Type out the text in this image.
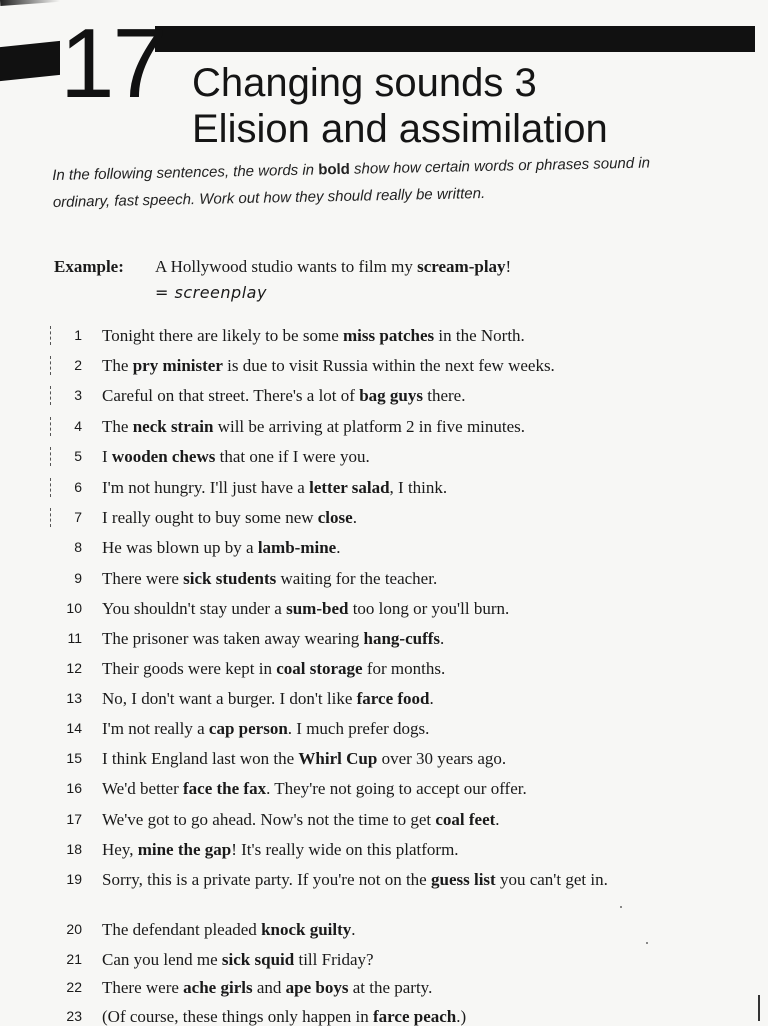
17 Changing sounds 3
Elision and assimilation
In the following sentences, the words in bold show how certain words or phrases sound in ordinary, fast speech. Work out how they should really be written.
Example:	A Hollywood studio wants to film my scream-play!
= screenplay
1 Tonight there are likely to be some miss patches in the North.
2 The pry minister is due to visit Russia within the next few weeks.
3 Careful on that street. There's a lot of bag guys there.
4 The neck strain will be arriving at platform 2 in five minutes.
5 I wooden chews that one if I were you.
6 I'm not hungry. I'll just have a letter salad, I think.
7 I really ought to buy some new close.
8 He was blown up by a lamb-mine.
9 There were sick students waiting for the teacher.
10 You shouldn't stay under a sum-bed too long or you'll burn.
11 The prisoner was taken away wearing hang-cuffs.
12 Their goods were kept in coal storage for months.
13 No, I don't want a burger. I don't like farce food.
14 I'm not really a cap person. I much prefer dogs.
15 I think England last won the Whirl Cup over 30 years ago.
16 We'd better face the fax. They're not going to accept our offer.
17 We've got to go ahead. Now's not the time to get coal feet.
18 Hey, mine the gap! It's really wide on this platform.
19 Sorry, this is a private party. If you're not on the guess list you can't get in.
20 The defendant pleaded knock guilty.
21 Can you lend me sick squid till Friday?
22 There were ache girls and ape boys at the party.
23 (Of course, these things only happen in farce peach.)
